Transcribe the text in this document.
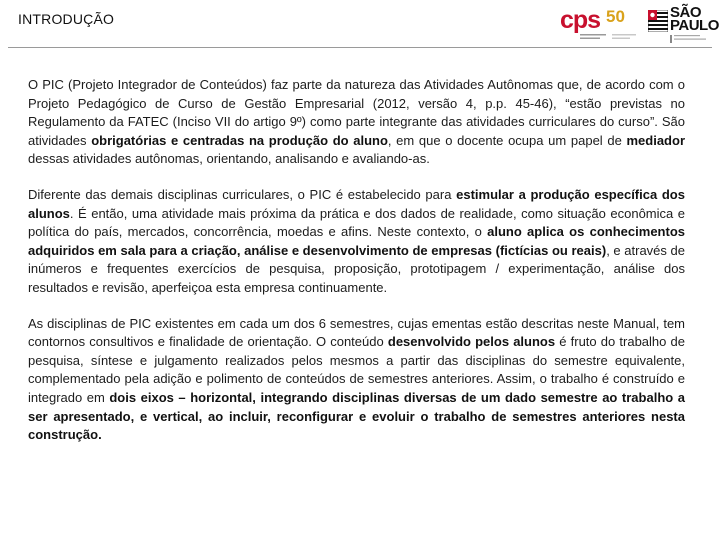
INTRODUÇÃO	cps 50	SÃO
PAULO

O PIC (Projeto Integrador de Conteúdos) faz parte da natureza das Atividades Autônomas que, de acordo com o Projeto Pedagógico de Curso de Gestão Empresarial (2012, versão 4, p.p. 45-46), “estão previstas no Regulamento da FATEC (Inciso VII do artigo 9º) como parte integrante das atividades curriculares do curso”. São atividades obrigatórias e centradas na produção do aluno, em que o docente ocupa um papel de mediador dessas atividades autônomas, orientando, analisando e avaliando-as.

Diferente das demais disciplinas curriculares, o PIC é estabelecido para estimular a produção específica dos alunos. É então, uma atividade mais próxima da prática e dos dados de realidade, como situação econômica e política do país, mercados, concorrência, moedas e afins. Neste contexto, o aluno aplica os conhecimentos adquiridos em sala para a criação, análise e desenvolvimento de empresas (fictícias ou reais), e através de inúmeros e frequentes exercícios de pesquisa, proposição, prototipagem / experimentação, análise dos resultados e revisão, aperfeiçoa esta empresa continuamente.

As disciplinas de PIC existentes em cada um dos 6 semestres, cujas ementas estão descritas neste Manual, tem contornos consultivos e finalidade de orientação. O conteúdo desenvolvido pelos alunos é fruto do trabalho de pesquisa, síntese e julgamento realizados pelos mesmos a partir das disciplinas do semestre equivalente, complementado pela adição e polimento de conteúdos de semestres anteriores. Assim, o trabalho é construído e integrado em dois eixos – horizontal, integrando disciplinas diversas de um dado semestre ao trabalho a ser apresentado, e vertical, ao incluir, reconfigurar e evoluir o trabalho de semestres anteriores nesta construção.
